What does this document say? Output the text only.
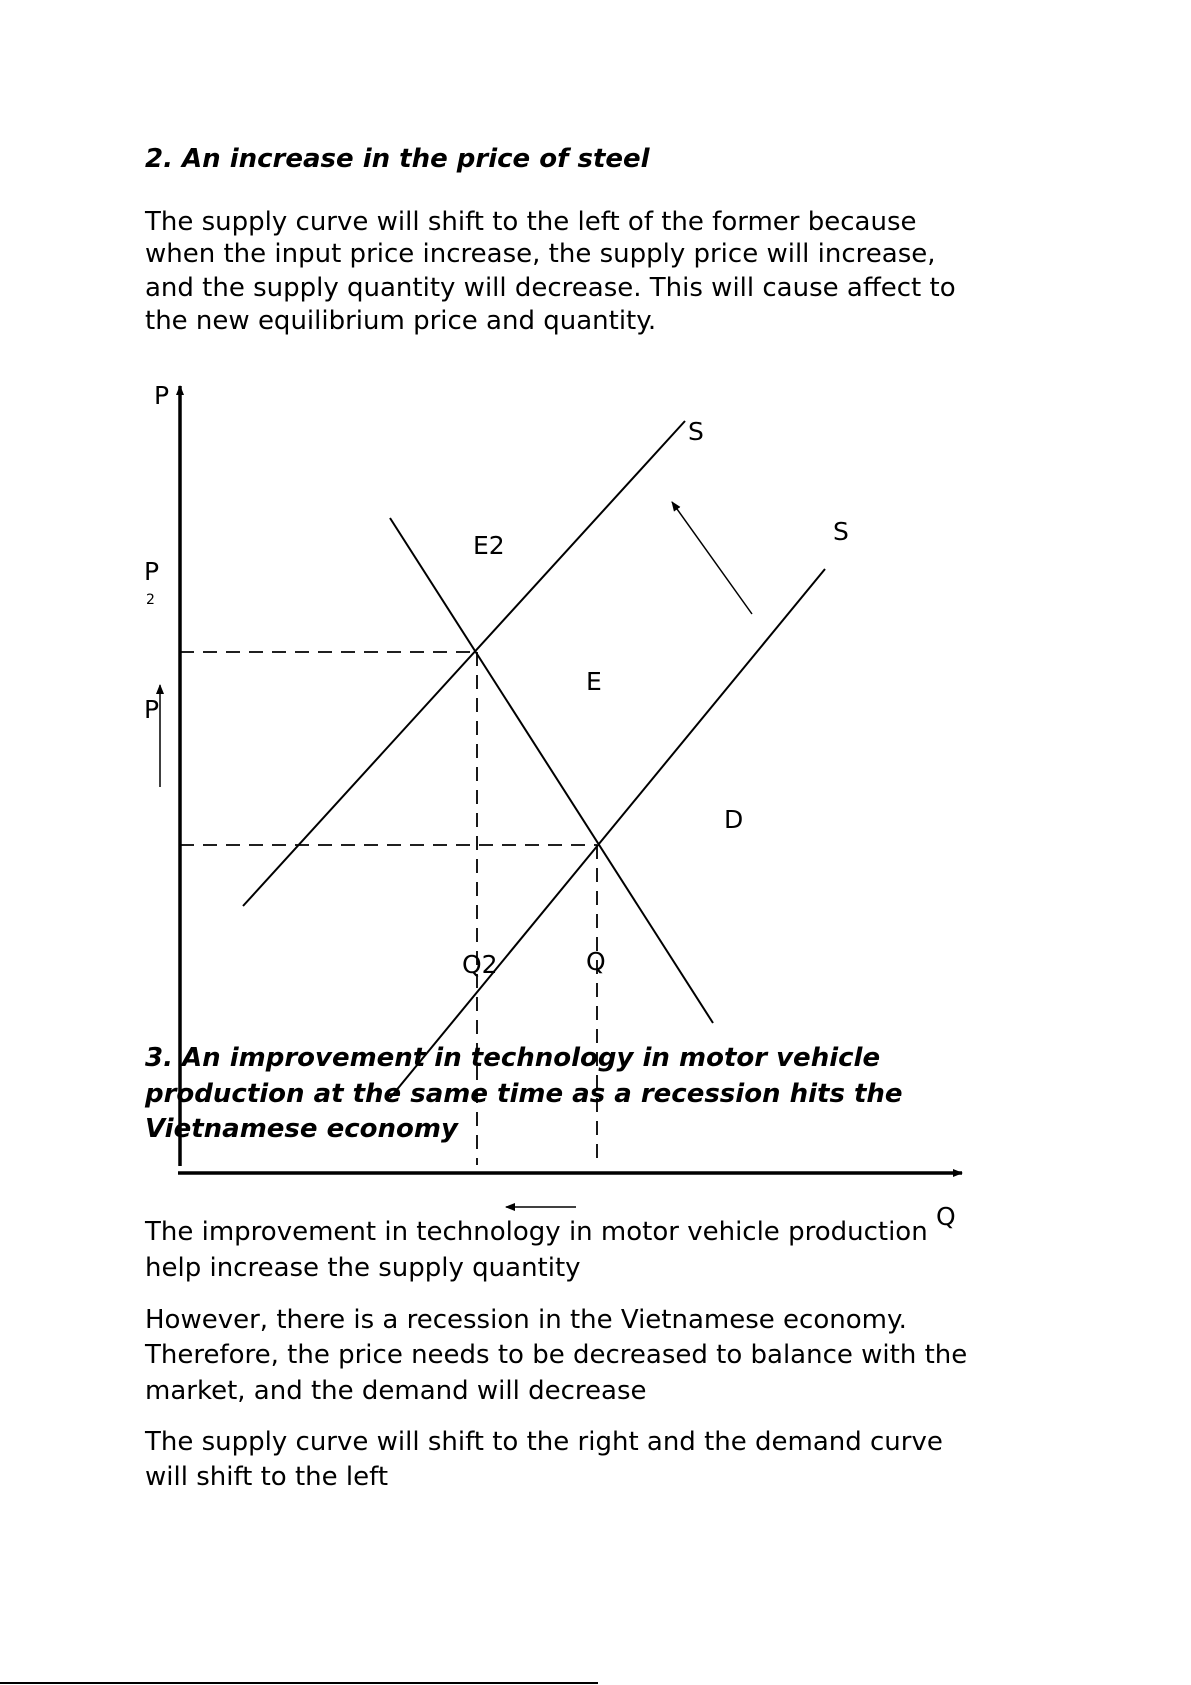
2. An increase in the price of steel
The supply curve will shift to the left of the former because
when the input price increase, the supply price will increase,
and the supply quantity will decrease. This will cause affect to
the new equilibrium price and quantity.
P
Q
S
S
D
E2
E
P
2
P
Q2	Q
3. An improvement in technology in motor vehicle
production at the same time as a recession hits the
Vietnamese economy
The improvement in technology in motor vehicle production
help increase the supply quantity
However, there is a recession in the Vietnamese economy.
Therefore, the price needs to be decreased to balance with the
market, and the demand will decrease
The supply curve will shift to the right and the demand curve
will shift to the left
